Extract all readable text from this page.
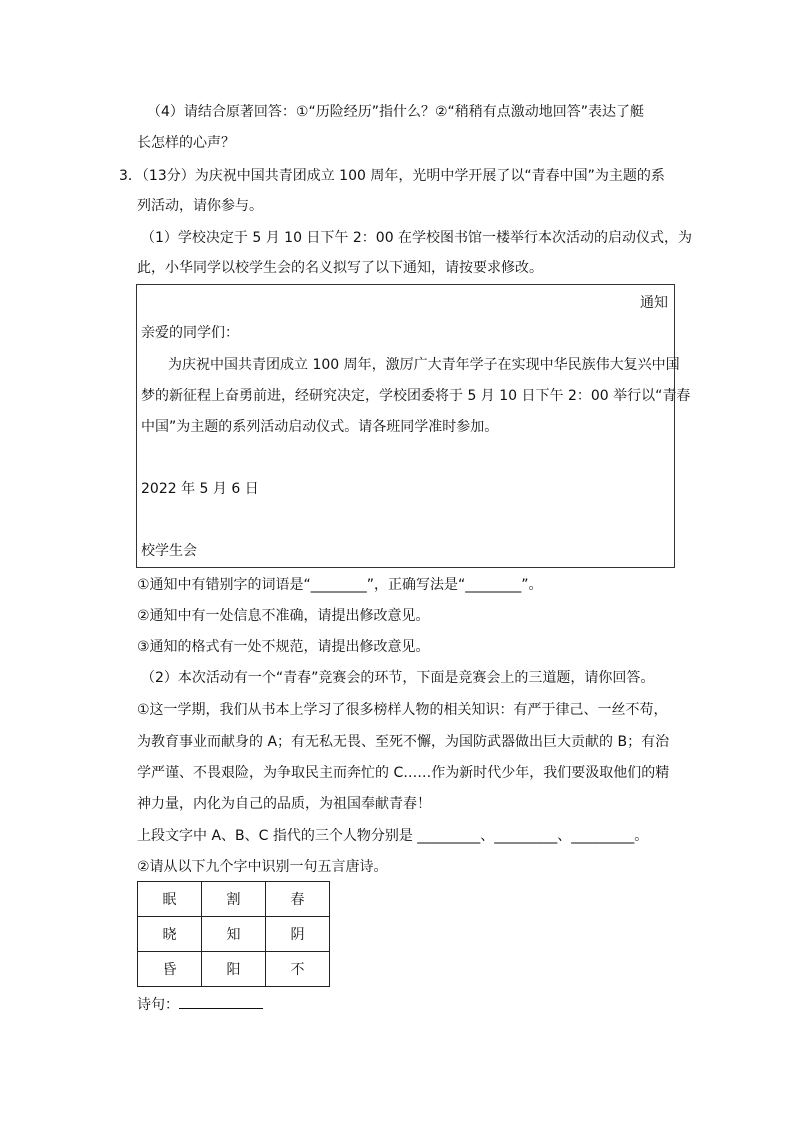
（4）请结合原著回答：①“历险经历”指什么？②“稍稍有点激动地回答”表达了艇
长怎样的心声？
3．（13分）为庆祝中国共青团成立 100 周年，光明中学开展了以“青春中国”为主题的系
列活动，请你参与。
（1）学校决定于 5 月 10 日下午 2：00 在学校图书馆一楼举行本次活动的启动仪式，为
此，小华同学以校学生会的名义拟写了以下通知，请按要求修改。
通知
亲爱的同学们：
为庆祝中国共青团成立 100 周年，激厉广大青年学子在实现中华民族伟大复兴中国
梦的新征程上奋勇前进，经研究决定，学校团委将于 5 月 10 日下午 2：00 举行以“青春
中国”为主题的系列活动启动仪式。请各班同学准时参加。
2022 年 5 月 6 日
校学生会
①通知中有错别字的词语是“________”，正确写法是“________”。
②通知中有一处信息不准确，请提出修改意见。
③通知的格式有一处不规范，请提出修改意见。
（2）本次活动有一个“青春”竞赛会的环节，下面是竞赛会上的三道题，请你回答。
①这一学期，我们从书本上学习了很多榜样人物的相关知识：有严于律己、一丝不苟，
为教育事业而献身的 A；有无私无畏、至死不懈，为国防武器做出巨大贡献的 B；有治
学严谨、不畏艰险，为争取民主而奔忙的 C……作为新时代少年，我们要汲取他们的精
神力量，内化为自己的品质，为祖国奉献青春！
上段文字中 A、B、C 指代的三个人物分别是 _________、_________、_________。
②请从以下九个字中识别一句五言唐诗。
眠	割	春
晓	知	阴
昏	阳	不
诗句：
